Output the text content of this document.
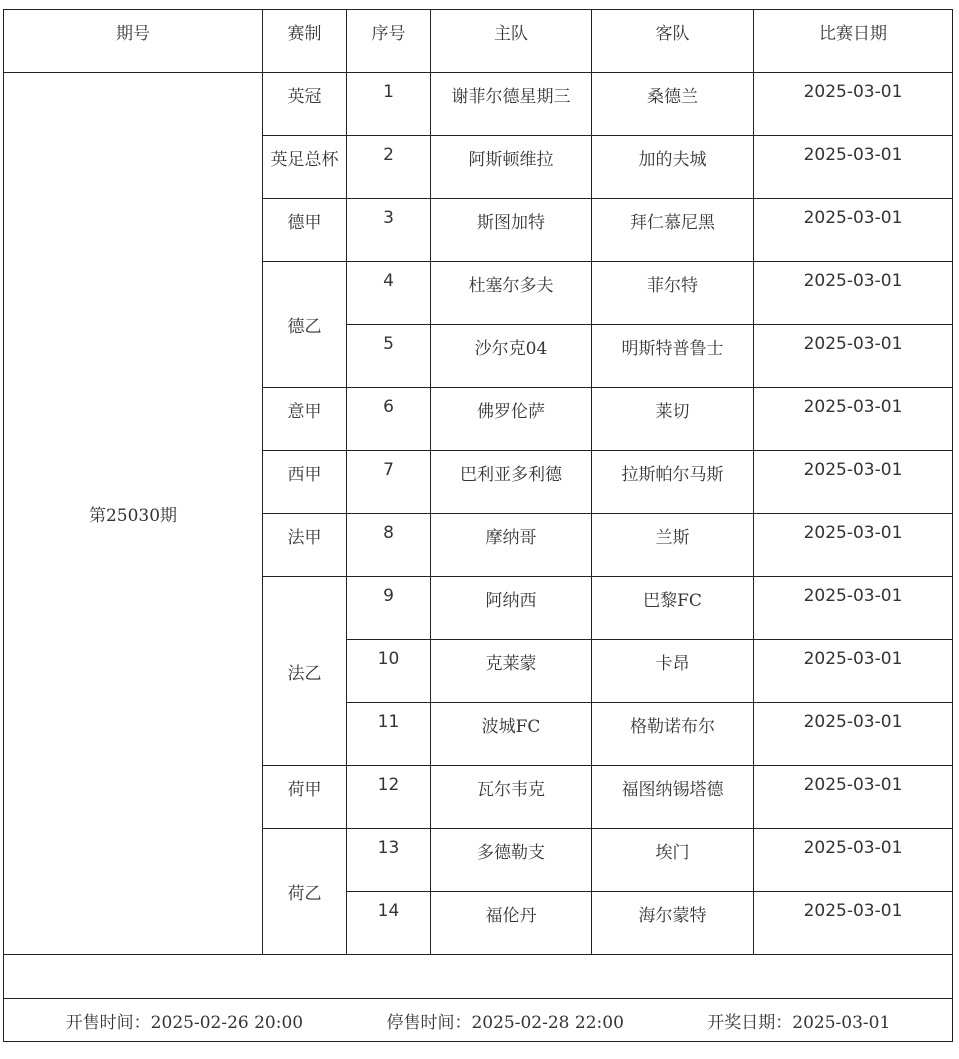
期号	赛制	序号	主队	客队	比赛日期
第25030期	英冠	1	谢菲尔德星期三	桑德兰	2025-03-01
	英足总杯	2	阿斯顿维拉	加的夫城	2025-03-01
	德甲	3	斯图加特	拜仁慕尼黑	2025-03-01
	德乙	4	杜塞尔多夫	菲尔特	2025-03-01
		5	沙尔克04	明斯特普鲁士	2025-03-01
	意甲	6	佛罗伦萨	莱切	2025-03-01
	西甲	7	巴利亚多利德	拉斯帕尔马斯	2025-03-01
	法甲	8	摩纳哥	兰斯	2025-03-01
	法乙	9	阿纳西	巴黎FC	2025-03-01
		10	克莱蒙	卡昂	2025-03-01
		11	波城FC	格勒诺布尔	2025-03-01
	荷甲	12	瓦尔韦克	福图纳锡塔德	2025-03-01
	荷乙	13	多德勒支	埃门	2025-03-01
		14	福伦丹	海尔蒙特	2025-03-01

开售时间：2025-02-26 20:00 停售时间：2025-02-28 22:00 开奖日期：2025-03-01					
